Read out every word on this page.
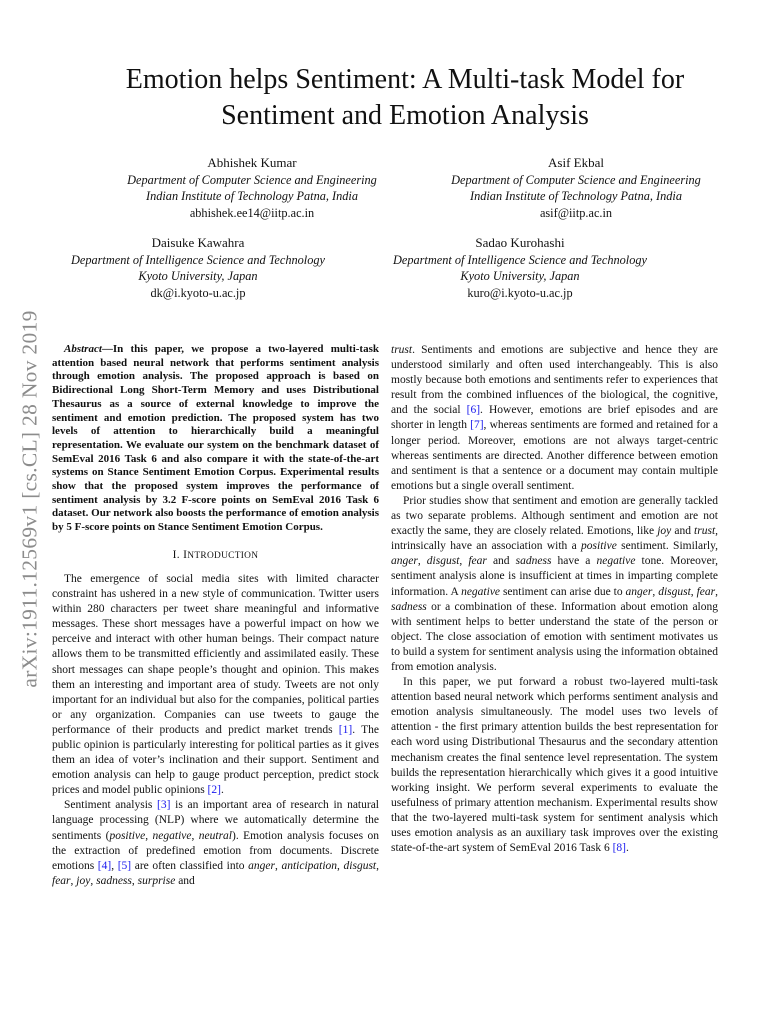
arXiv:1911.12569v1 [cs.CL] 28 Nov 2019
Emotion helps Sentiment: A Multi-task Model for
Sentiment and Emotion Analysis
Abhishek Kumar
Department of Computer Science and Engineering
Indian Institute of Technology Patna, India
abhishek.ee14@iitp.ac.in
Asif Ekbal
Department of Computer Science and Engineering
Indian Institute of Technology Patna, India
asif@iitp.ac.in
Daisuke Kawahra
Department of Intelligence Science and Technology
Kyoto University, Japan
dk@i.kyoto-u.ac.jp
Sadao Kurohashi
Department of Intelligence Science and Technology
Kyoto University, Japan
kuro@i.kyoto-u.ac.jp

Abstract—In this paper, we propose a two-layered multi-task attention based neural network that performs sentiment analysis through emotion analysis. The proposed approach is based on Bidirectional Long Short-Term Memory and uses Distributional Thesaurus as a source of external knowledge to improve the sentiment and emotion prediction. The proposed system has two levels of attention to hierarchically build a meaningful representation. We evaluate our system on the benchmark dataset of SemEval 2016 Task 6 and also compare it with the state-of-the-art systems on Stance Sentiment Emotion Corpus. Experimental results show that the proposed system improves the performance of sentiment analysis by 3.2 F-score points on SemEval 2016 Task 6 dataset. Our network also boosts the performance of emotion analysis by 5 F-score points on Stance Sentiment Emotion Corpus.

I. INTRODUCTION

The emergence of social media sites with limited character constraint has ushered in a new style of communication. Twitter users within 280 characters per tweet share meaningful and informative messages. These short messages have a powerful impact on how we perceive and interact with other human beings. Their compact nature allows them to be transmitted efficiently and assimilated easily. These short messages can shape people’s thought and opinion. This makes them an interesting and important area of study. Tweets are not only important for an individual but also for the companies, political parties or any organization. Companies can use tweets to gauge the performance of their products and predict market trends [1]. The public opinion is particularly interesting for political parties as it gives them an idea of voter’s inclination and their support. Sentiment and emotion analysis can help to gauge product perception, predict stock prices and model public opinions [2].

Sentiment analysis [3] is an important area of research in natural language processing (NLP) where we automatically determine the sentiments (positive, negative, neutral). Emotion analysis focuses on the extraction of predefined emotion from documents. Discrete emotions [4], [5] are often classified into anger, anticipation, disgust, fear, joy, sadness, surprise and

trust. Sentiments and emotions are subjective and hence they are understood similarly and often used interchangeably. This is also mostly because both emotions and sentiments refer to experiences that result from the combined influences of the biological, the cognitive, and the social [6]. However, emotions are brief episodes and are shorter in length [7], whereas sentiments are formed and retained for a longer period. Moreover, emotions are not always target-centric whereas sentiments are directed. Another difference between emotion and sentiment is that a sentence or a document may contain multiple emotions but a single overall sentiment.

Prior studies show that sentiment and emotion are generally tackled as two separate problems. Although sentiment and emotion are not exactly the same, they are closely related. Emotions, like joy and trust, intrinsically have an association with a positive sentiment. Similarly, anger, disgust, fear and sadness have a negative tone. Moreover, sentiment analysis alone is insufficient at times in imparting complete information. A negative sentiment can arise due to anger, disgust, fear, sadness or a combination of these. Information about emotion along with sentiment helps to better understand the state of the person or object. The close association of emotion with sentiment motivates us to build a system for sentiment analysis using the information obtained from emotion analysis.

In this paper, we put forward a robust two-layered multi-task attention based neural network which performs sentiment analysis and emotion analysis simultaneously. The model uses two levels of attention - the first primary attention builds the best representation for each word using Distributional Thesaurus and the secondary attention mechanism creates the final sentence level representation. The system builds the representation hierarchically which gives it a good intuitive working insight. We perform several experiments to evaluate the usefulness of primary attention mechanism. Experimental results show that the two-layered multi-task system for sentiment analysis which uses emotion analysis as an auxiliary task improves over the existing state-of-the-art system of SemEval 2016 Task 6 [8].
